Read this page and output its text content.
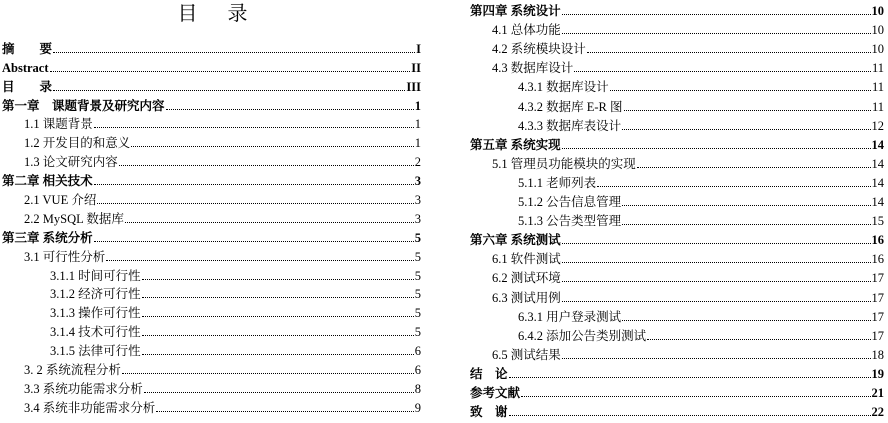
目 录
摘　　要	I
Abstract	II
目　　录	III
第一章　课题背景及研究内容	1
1.1 课题背景	1
1.2 开发目的和意义	1
1.3 论文研究内容	2
第二章 相关技术	3
2.1 VUE 介绍	3
2.2 MySQL 数据库	3
第三章 系统分析	5
3.1 可行性分析	5
3.1.1 时间可行性	5
3.1.2 经济可行性	5
3.1.3 操作可行性	5
3.1.4 技术可行性	5
3.1.5 法律可行性	6
3. 2 系统流程分析	6
3.3 系统功能需求分析	8
3.4 系统非功能需求分析	9
第四章 系统设计	10
4.1 总体功能	10
4.2 系统模块设计	10
4.3 数据库设计	11
4.3.1 数据库设计	11
4.3.2 数据库 E-R 图	11
4.3.3 数据库表设计	12
第五章 系统实现	14
5.1 管理员功能模块的实现	14
5.1.1 老师列表	14
5.1.2 公告信息管理	14
5.1.3 公告类型管理	15
第六章 系统测试	16
6.1 软件测试	16
6.2 测试环境	17
6.3 测试用例	17
6.3.1 用户登录测试	17
6.4.2 添加公告类别测试	17
6.5 测试结果	18
结　论	19
参考文献	21
致　谢	22
